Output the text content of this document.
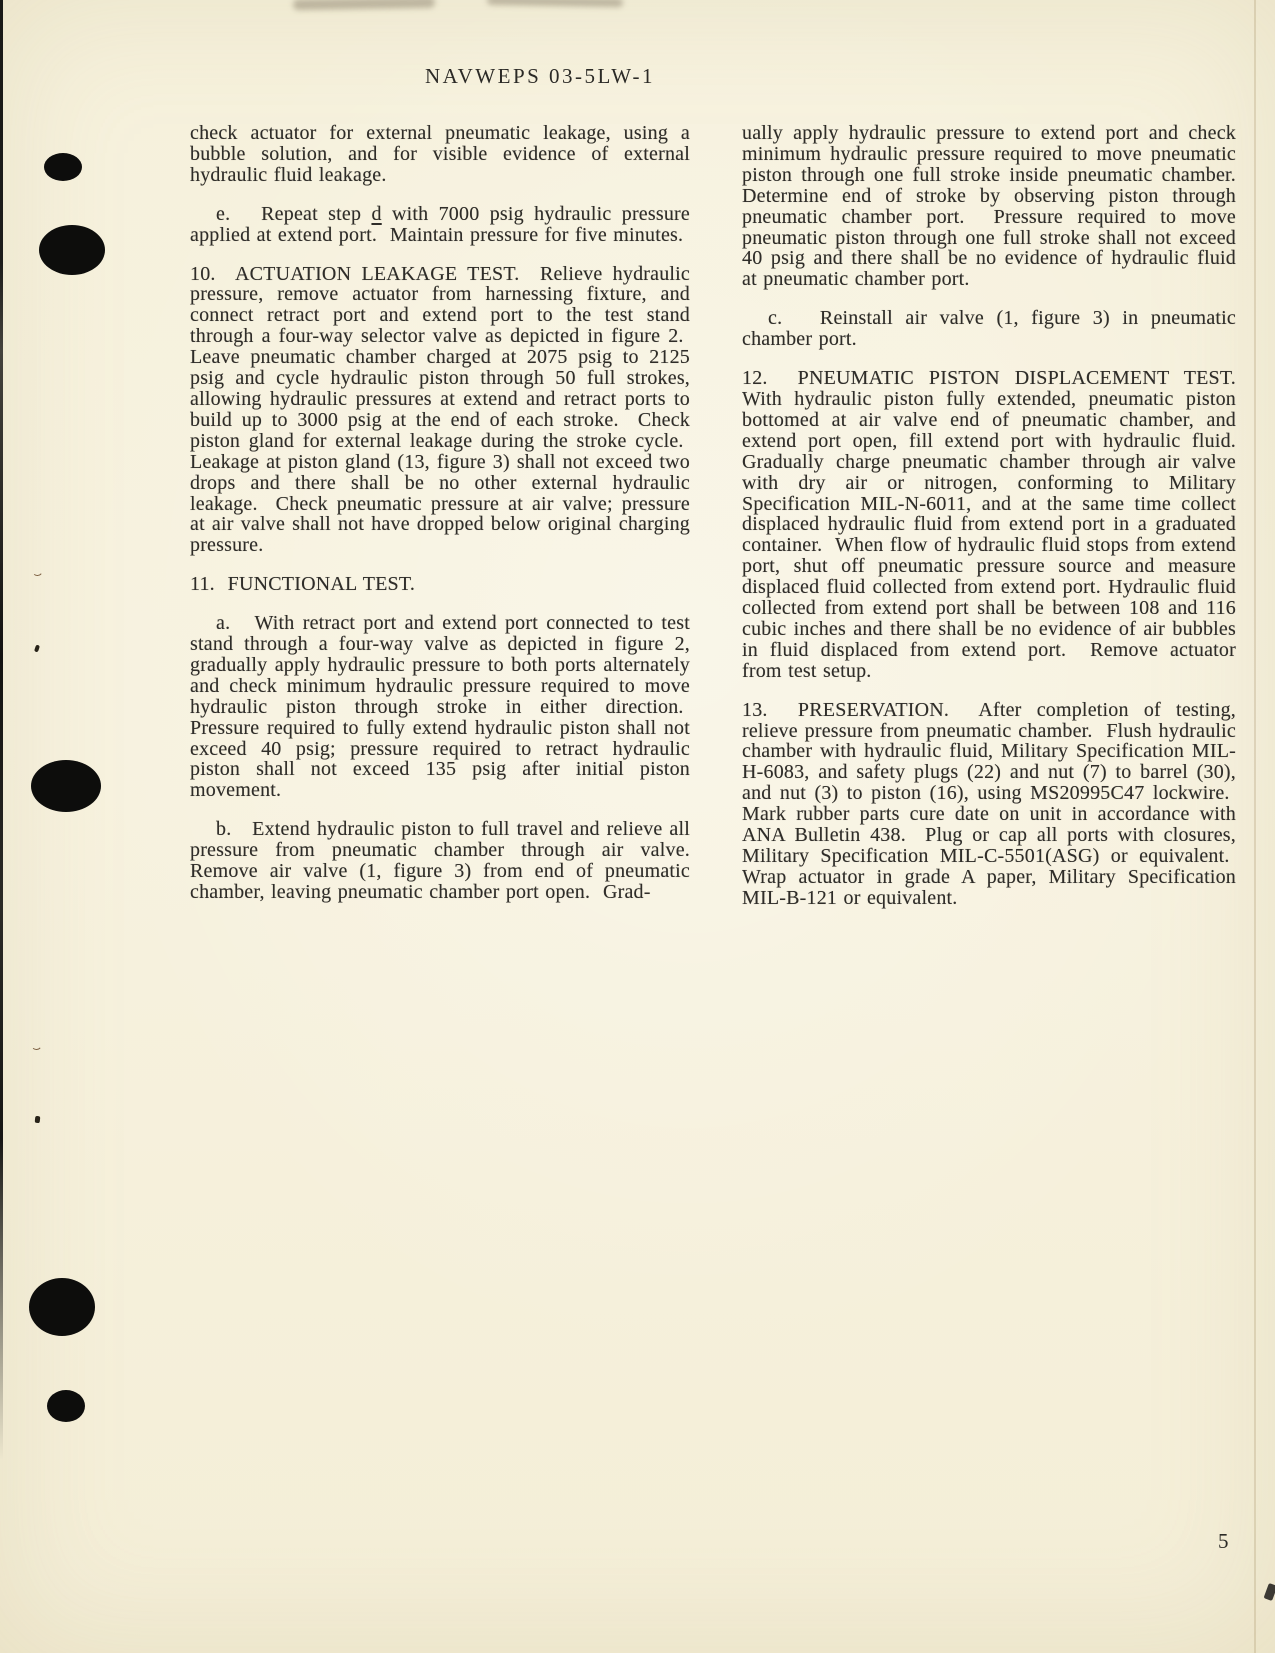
NAVWEPS 03-5LW-1

check actuator for external pneumatic leakage, using a bubble solution, and for visible evidence of external hydraulic fluid leakage.

e.   Repeat step d with 7000 psig hydraulic pressure applied at extend port.  Maintain pressure for five minutes.

10.  ACTUATION LEAKAGE TEST.  Relieve hydraulic pressure, remove actuator from harnessing fixture, and connect retract port and extend port to the test stand through a four-way selector valve as depicted in figure 2.  Leave pneumatic chamber charged at 2075 psig to 2125 psig and cycle hydraulic piston through 50 full strokes, allowing hydraulic pressures at extend and retract ports to build up to 3000 psig at the end of each stroke.  Check piston gland for external leakage during the stroke cycle.  Leakage at piston gland (13, figure 3) shall not exceed two drops and there shall be no other external hydraulic leakage.  Check pneumatic pressure at air valve; pressure at air valve shall not have dropped below original charging pressure.

11.  FUNCTIONAL TEST.

a.   With retract port and extend port connected to test stand through a four-way valve as depicted in figure 2, gradually apply hydraulic pressure to both ports alternately and check minimum hydraulic pressure required to move hydraulic piston through stroke in either direction.  Pressure required to fully extend hydraulic piston shall not exceed 40 psig; pressure required to retract hydraulic piston shall not exceed 135 psig after initial piston movement.

b.   Extend hydraulic piston to full travel and relieve all pressure from pneumatic chamber through air valve. Remove air valve (1, figure 3) from end of pneumatic chamber, leaving pneumatic chamber port open.  Grad-

ually apply hydraulic pressure to extend port and check minimum hydraulic pressure required to move pneumatic piston through one full stroke inside pneumatic chamber. Determine end of stroke by observing piston through pneumatic chamber port.  Pressure required to move pneumatic piston through one full stroke shall not exceed 40 psig and there shall be no evidence of hydraulic fluid at pneumatic chamber port.

c.   Reinstall air valve (1, figure 3) in pneumatic chamber port.

12.  PNEUMATIC PISTON DISPLACEMENT TEST. With hydraulic piston fully extended, pneumatic piston bottomed at air valve end of pneumatic chamber, and extend port open, fill extend port with hydraulic fluid. Gradually charge pneumatic chamber through air valve with dry air or nitrogen, conforming to Military Specification MIL-N-6011, and at the same time collect displaced hydraulic fluid from extend port in a graduated container.  When flow of hydraulic fluid stops from extend port, shut off pneumatic pressure source and measure displaced fluid collected from extend port. Hydraulic fluid collected from extend port shall be between 108 and 116 cubic inches and there shall be no evidence of air bubbles in fluid displaced from extend port.  Remove actuator from test setup.

13.  PRESERVATION.  After completion of testing, relieve pressure from pneumatic chamber.  Flush hydraulic chamber with hydraulic fluid, Military Specification MIL-H-6083, and safety plugs (22) and nut (7) to barrel (30), and nut (3) to piston (16), using MS20995C47 lockwire.  Mark rubber parts cure date on unit in accordance with ANA Bulletin 438.  Plug or cap all ports with closures, Military Specification MIL-C-5501(ASG) or equivalent.  Wrap actuator in grade A paper, Military Specification MIL-B-121 or equivalent.

5
